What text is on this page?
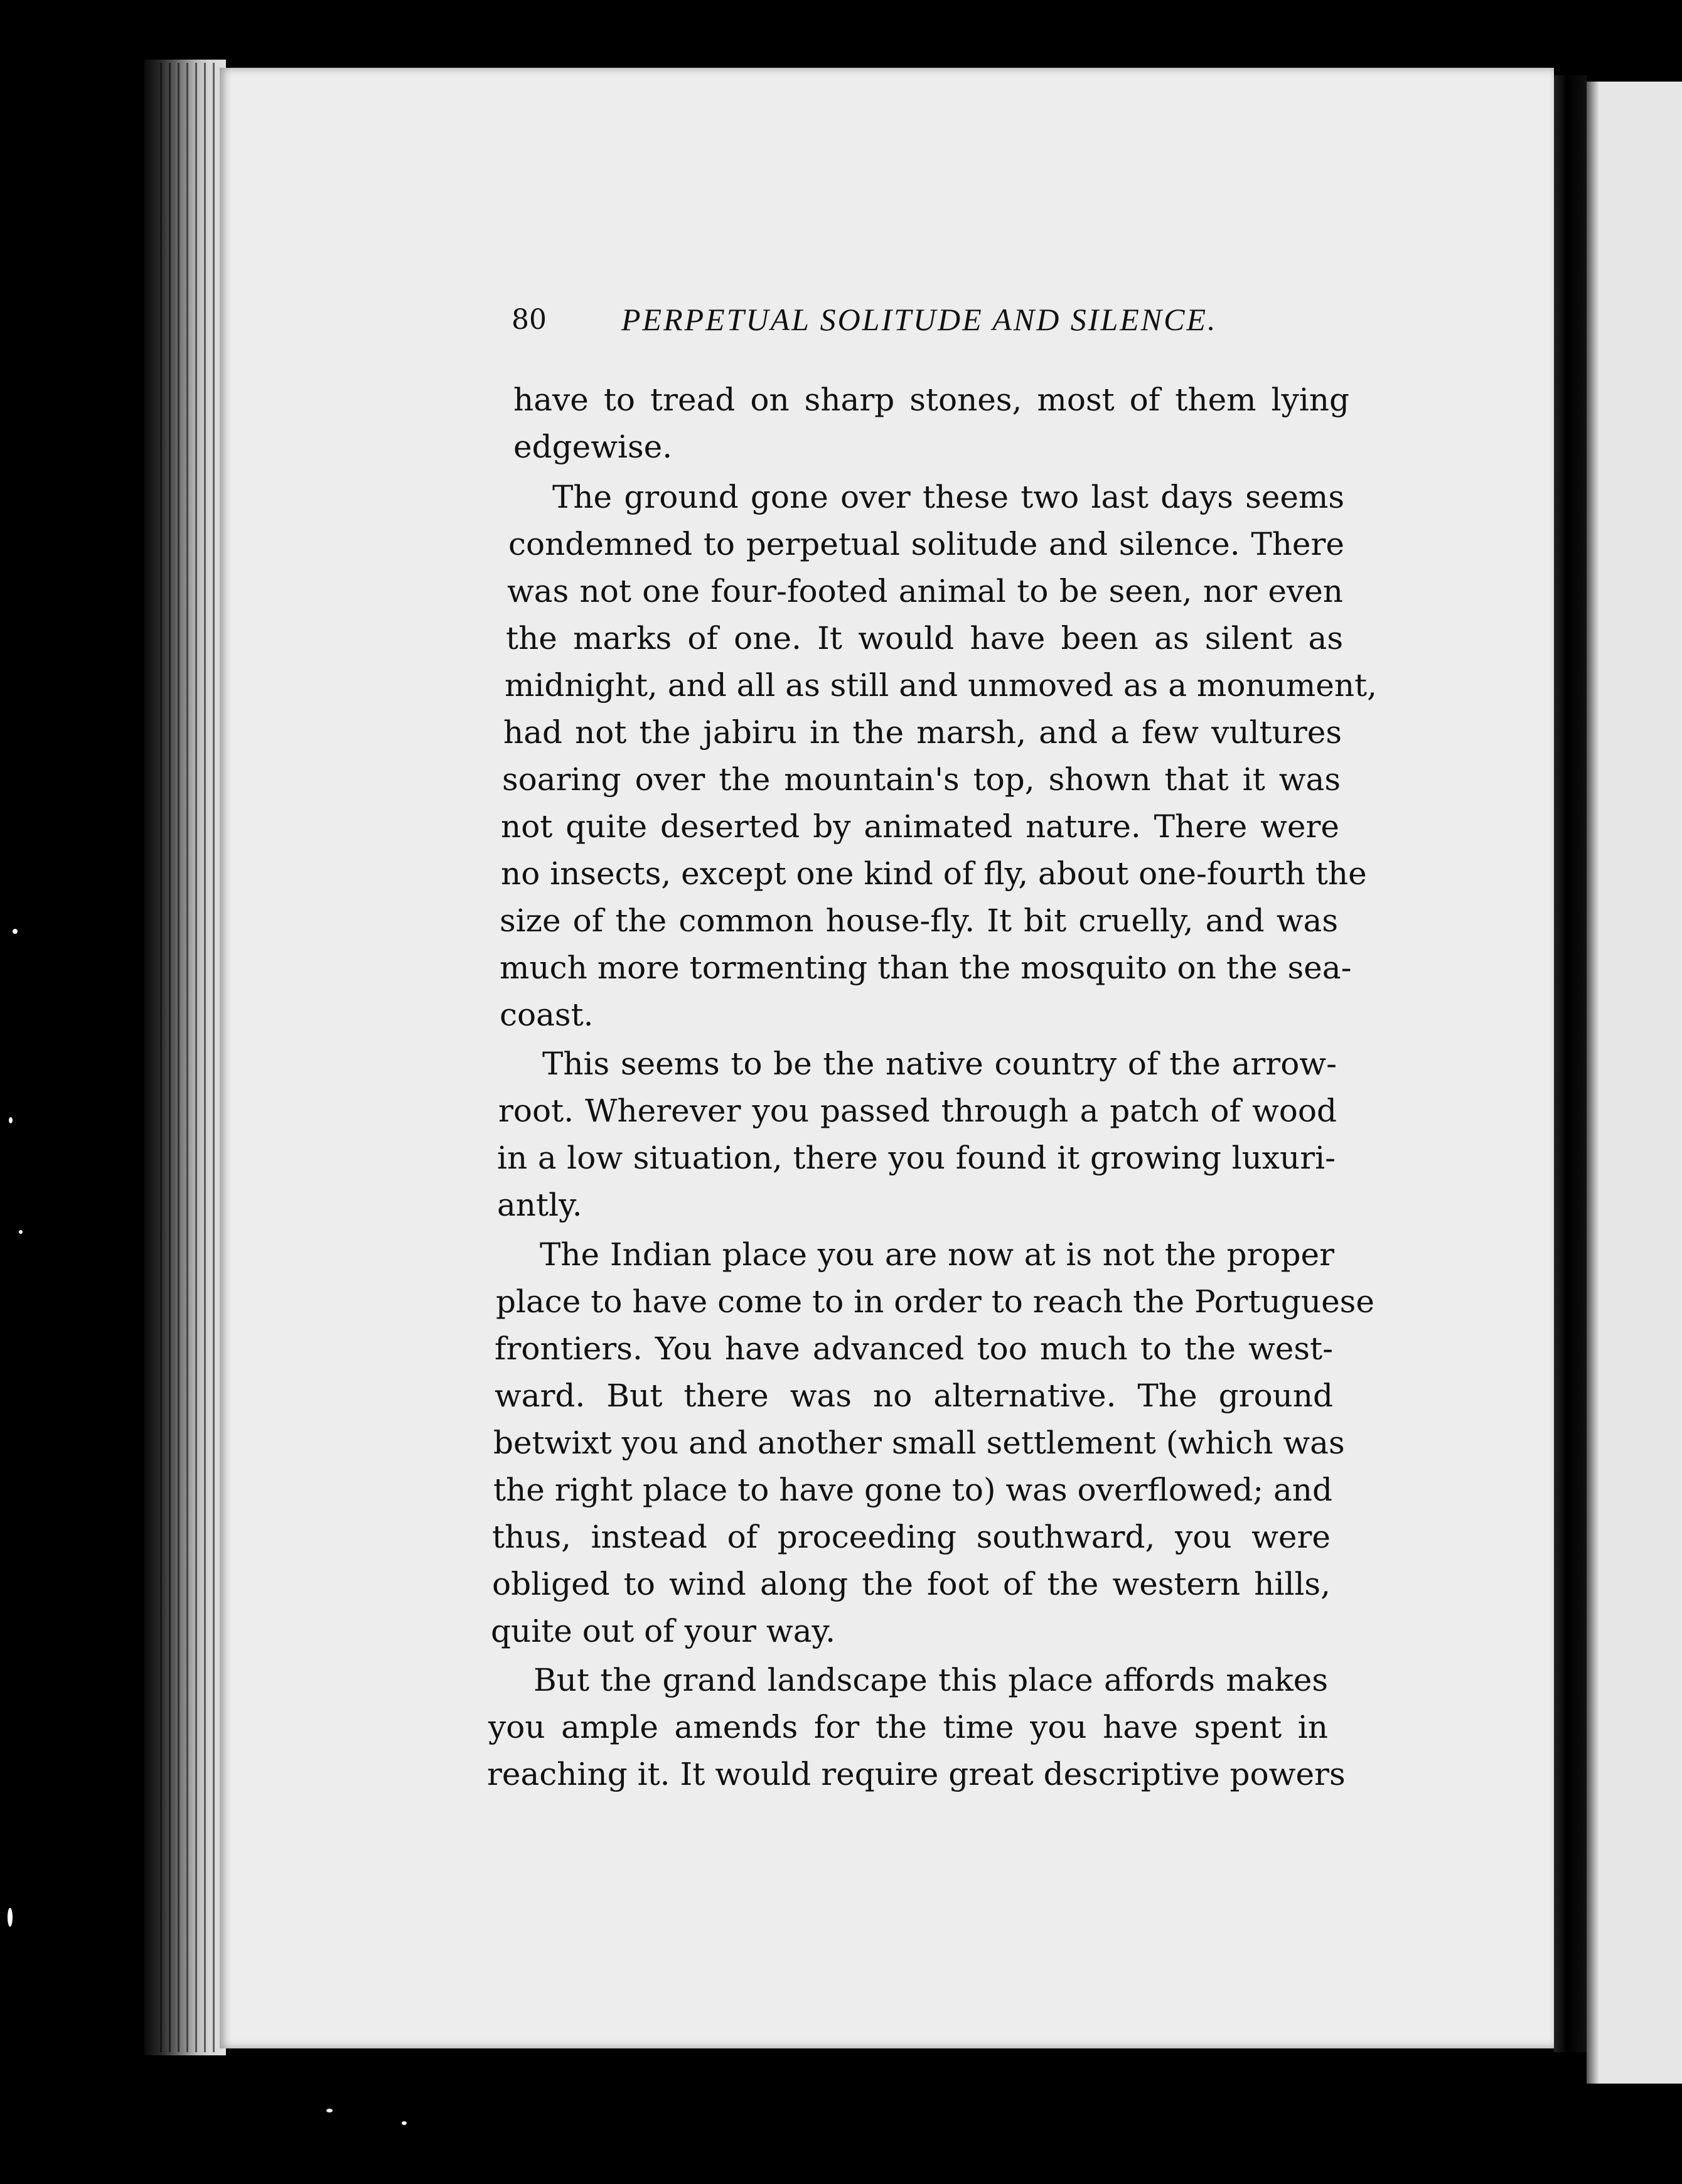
80 PERPETUAL SOLITUDE AND SILENCE.
have to tread on sharp stones, most of them lying
edgewise.
The ground gone over these two last days seems
condemned to perpetual solitude and silence. There
was not one four-footed animal to be seen, nor even
the marks of one. It would have been as silent as
midnight, and all as still and unmoved as a monument,
had not the jabiru in the marsh, and a few vultures
soaring over the mountain's top, shown that it was
not quite deserted by animated nature. There were
no insects, except one kind of fly, about one-fourth the
size of the common house-fly. It bit cruelly, and was
much more tormenting than the mosquito on the sea-
coast.
This seems to be the native country of the arrow-
root. Wherever you passed through a patch of wood
in a low situation, there you found it growing luxuri-
antly.
The Indian place you are now at is not the proper
place to have come to in order to reach the Portuguese
frontiers. You have advanced too much to the west-
ward. But there was no alternative. The ground
betwixt you and another small settlement (which was
the right place to have gone to) was overflowed; and
thus, instead of proceeding southward, you were
obliged to wind along the foot of the western hills,
quite out of your way.
But the grand landscape this place affords makes
you ample amends for the time you have spent in
reaching it. It would require great descriptive powers
